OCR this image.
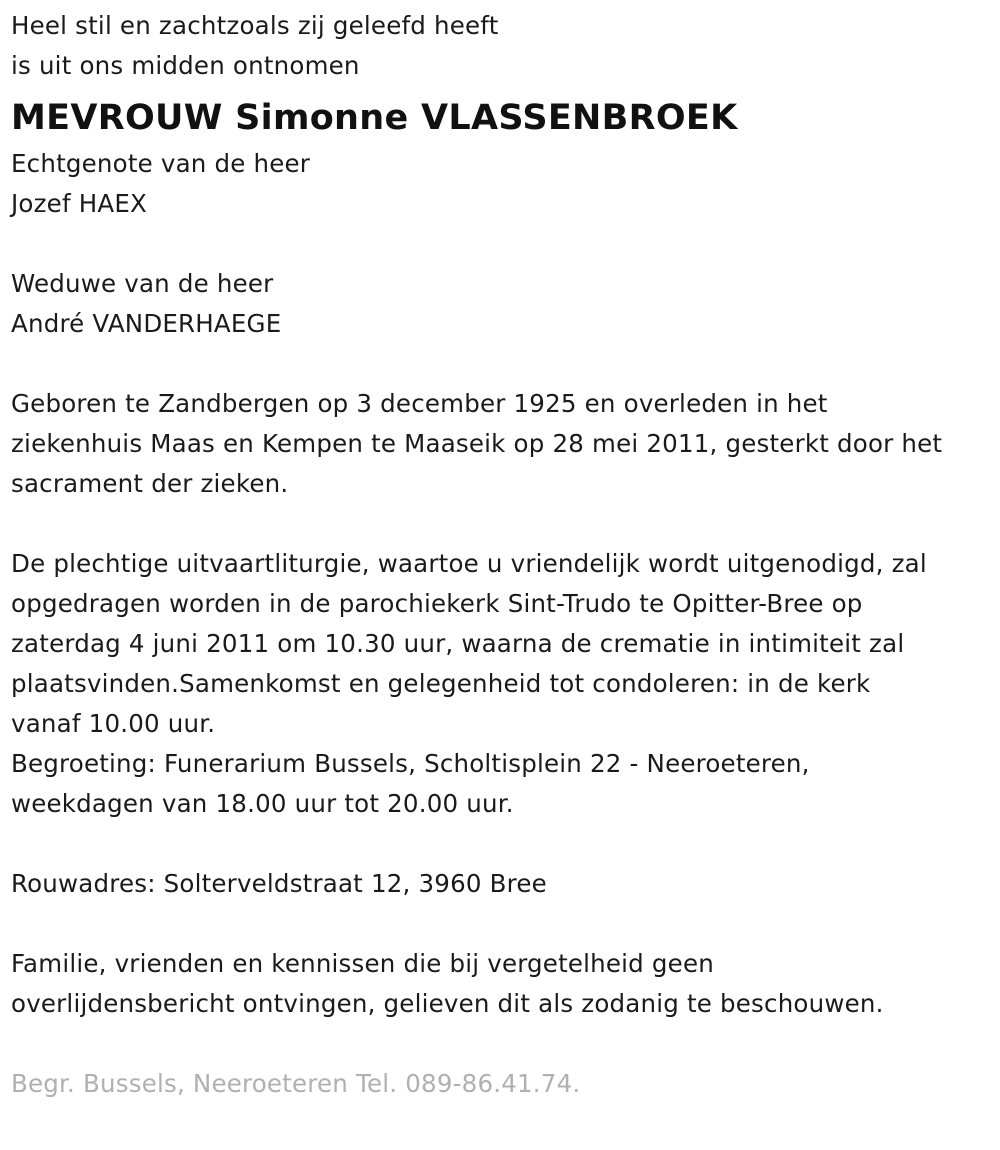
Heel stil en zachtzoals zij geleefd heeft
is uit ons midden ontnomen
MEVROUW Simonne VLASSENBROEK
Echtgenote van de heer
Jozef HAEX
Weduwe van de heer
André VANDERHAEGE
Geboren te Zandbergen op 3 december 1925 en overleden in het
ziekenhuis Maas en Kempen te Maaseik op 28 mei 2011, gesterkt door het
sacrament der zieken.
De plechtige uitvaartliturgie, waartoe u vriendelijk wordt uitgenodigd, zal
opgedragen worden in de parochiekerk Sint-Trudo te Opitter-Bree op
zaterdag 4 juni 2011 om 10.30 uur, waarna de crematie in intimiteit zal
plaatsvinden.Samenkomst en gelegenheid tot condoleren: in de kerk
vanaf 10.00 uur.
Begroeting: Funerarium Bussels, Scholtisplein 22 - Neeroeteren,
weekdagen van 18.00 uur tot 20.00 uur.
Rouwadres: Solterveldstraat 12, 3960 Bree
Familie, vrienden en kennissen die bij vergetelheid geen
overlijdensbericht ontvingen, gelieven dit als zodanig te beschouwen.
Begr. Bussels, Neeroeteren Tel. 089-86.41.74.
